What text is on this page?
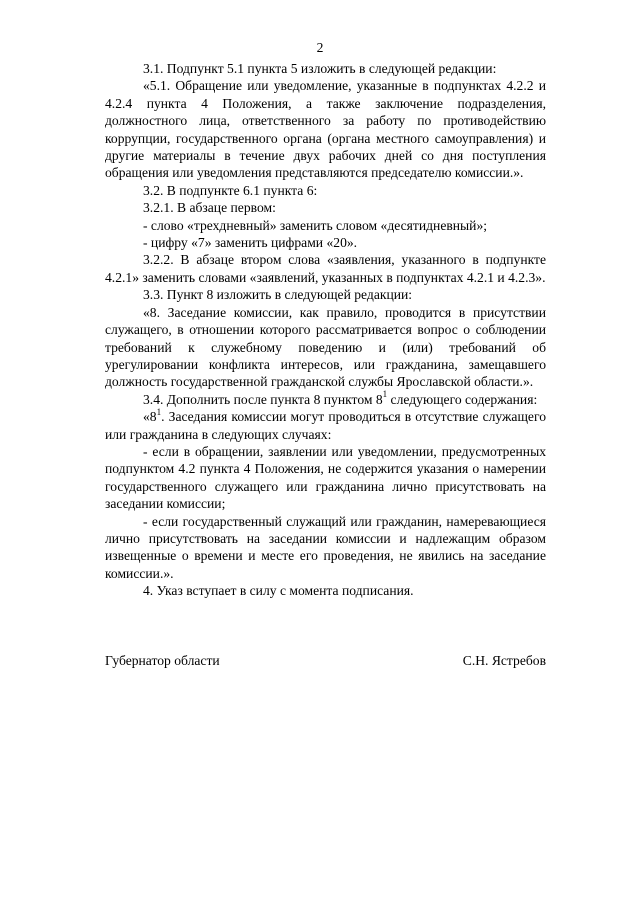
2

3.1. Подпункт 5.1 пункта 5 изложить в следующей редакции:

«5.1. Обращение или уведомление, указанные в подпунктах 4.2.2 и 4.2.4 пункта 4 Положения, а также заключение подразделения, должностного лица, ответственного за работу по противодействию коррупции, государственного органа (органа местного самоуправления) и другие материалы в течение двух рабочих дней со дня поступления обращения или уведомления представляются председателю комиссии.».

3.2. В подпункте 6.1 пункта 6:

3.2.1. В абзаце первом:

- слово «трехдневный» заменить словом «десятидневный»;

- цифру «7» заменить цифрами «20».

3.2.2. В абзаце втором слова «заявления, указанного в подпункте 4.2.1» заменить словами «заявлений, указанных в подпунктах 4.2.1 и 4.2.3».

3.3. Пункт 8 изложить в следующей редакции:

«8. Заседание комиссии, как правило, проводится в присутствии служащего, в отношении которого рассматривается вопрос о соблюдении требований к служебному поведению и (или) требований об урегулировании конфликта интересов, или гражданина, замещавшего должность государственной гражданской службы Ярославской области.».

3.4. Дополнить после пункта 8 пунктом $8^1$ следующего содержания:

«$8^1$. Заседания комиссии могут проводиться в отсутствие служащего или гражданина в следующих случаях:

- если в обращении, заявлении или уведомлении, предусмотренных подпунктом 4.2 пункта 4 Положения, не содержится указания о намерении государственного служащего или гражданина лично присутствовать на заседании комиссии;

- если государственный служащий или гражданин, намеревающиеся лично присутствовать на заседании комиссии и надлежащим образом извещенные о времени и месте его проведения, не явились на заседание комиссии.».

4. Указ вступает в силу с момента подписания.

Губернатор области	С.Н. Ястребов
